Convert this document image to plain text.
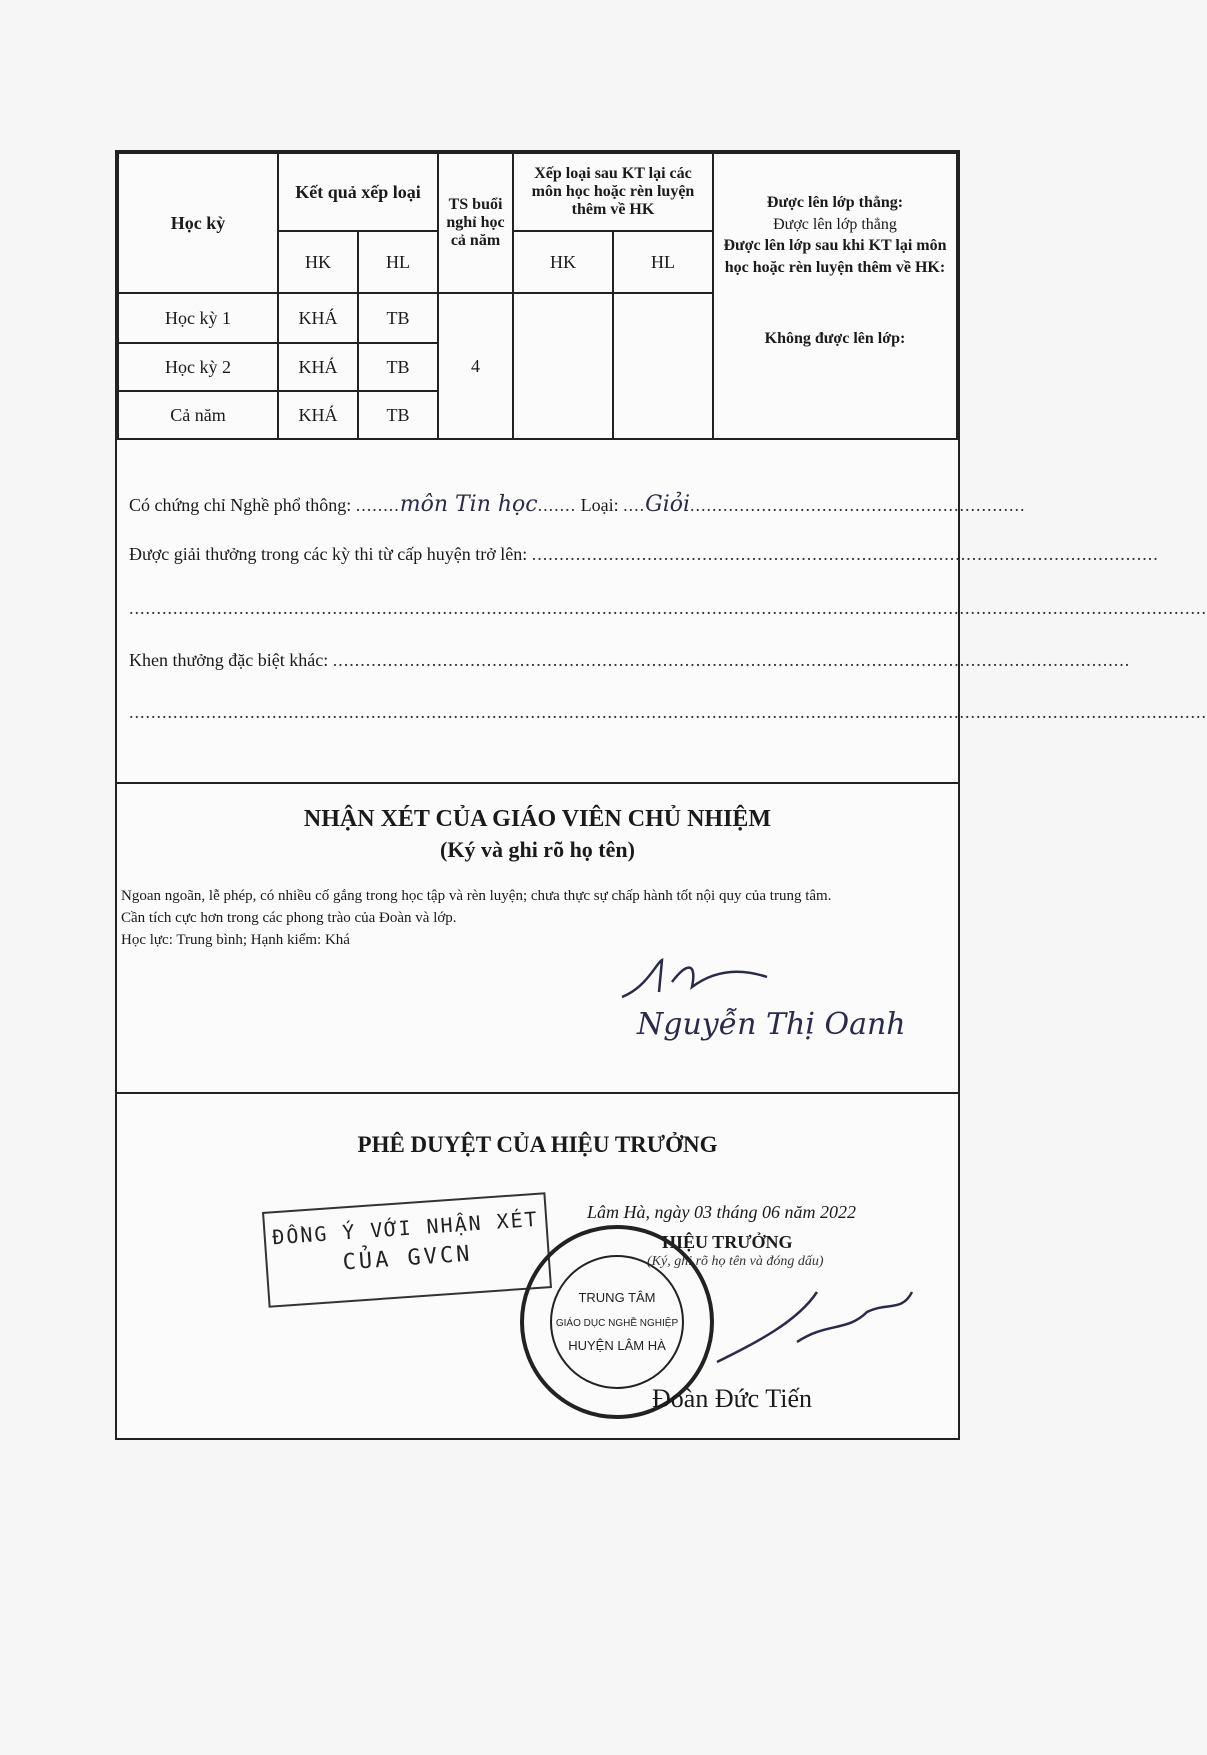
Học kỳ	Kết quả xếp loại		TS buổi nghỉ học cả năm	Xếp loại sau KT lại các môn học hoặc rèn luyện thêm về HK		Được lên lớp thẳng:
Được lên lớp thẳng
Được lên lớp sau khi KT lại môn học hoặc rèn luyện thêm về HK:
Không được lên lớp:

	HK	HL		HK	HL	
Học kỳ 1	KHÁ	TB	4			
Học kỳ 2	KHÁ	TB				
Cả năm	KHÁ	TB				
Có chứng chỉ Nghề phổ thông: ........môn Tin học....... Loại: ....Giỏi.............................................................
Được giải thưởng trong các kỳ thi từ cấp huyện trở lên: ..................................................................................................................
....................................................................................................................................................................................................
Khen thưởng đặc biệt khác: .................................................................................................................................................
....................................................................................................................................................................................................
NHẬN XÉT CỦA GIÁO VIÊN CHỦ NHIỆM
(Ký và ghi rõ họ tên)
Ngoan ngoãn, lễ phép, có nhiều cố gắng trong học tập và rèn luyện; chưa thực sự chấp hành tốt nội quy của trung tâm.
Cần tích cực hơn trong các phong trào của Đoàn và lớp.
Học lực: Trung bình; Hạnh kiểm: Khá
Nguyễn Thị Oanh
PHÊ DUYỆT CỦA HIỆU TRƯỞNG
ĐỒNG Ý VỚI NHẬN XÉT
CỦA GVCN
Lâm Hà, ngày 03 tháng 06 năm 2022
HIỆU TRƯỞNG
(Ký, ghi rõ họ tên và đóng dấu)
TRUNG TÂM
GIÁO DỤC NGHỀ NGHIỆP
HUYỆN LÂM HÀ
Đoàn Đức Tiến
